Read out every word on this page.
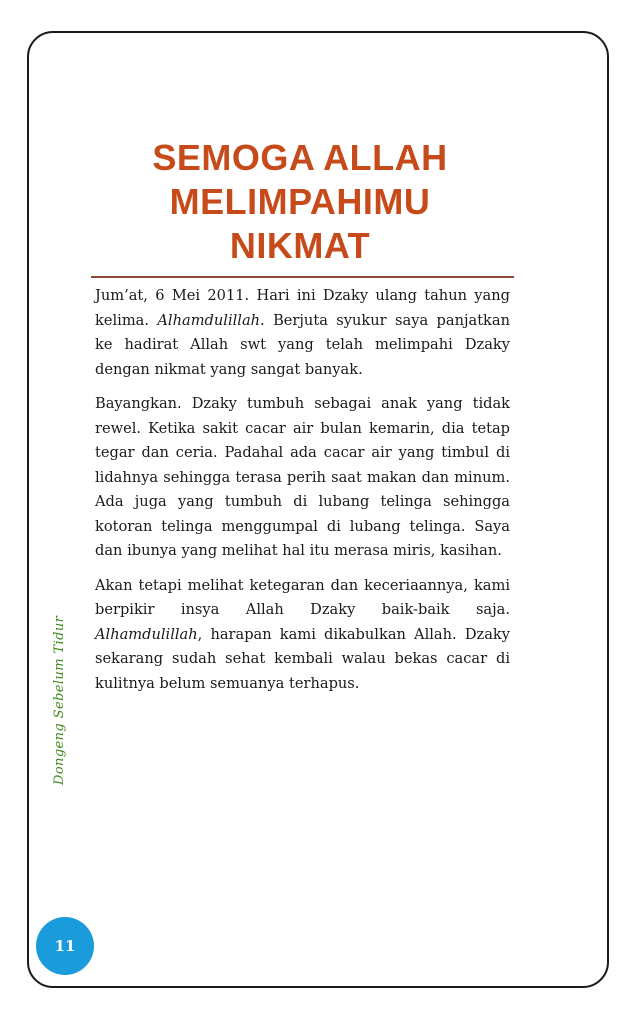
SEMOGA ALLAH
MELIMPAHIMU
NIKMAT

Jum’at, 6 Mei 2011. Hari ini Dzaky ulang tahun yang kelima. Alhamdulillah. Berjuta syukur saya panjatkan ke hadirat Allah swt yang telah melimpahi Dzaky dengan nikmat yang sangat banyak.

Bayangkan. Dzaky tumbuh sebagai anak yang tidak rewel. Ketika sakit cacar air bulan kemarin, dia tetap tegar dan ceria. Padahal ada cacar air yang timbul di lidahnya sehingga terasa perih saat makan dan minum. Ada juga yang tumbuh di lubang telinga sehingga kotoran telinga menggumpal di lubang telinga. Saya dan ibunya yang melihat hal itu merasa miris, kasihan.

Akan tetapi melihat ketegaran dan keceriaannya, kami berpikir insya Allah Dzaky baik-baik saja. Alhamdulillah, harapan kami dikabulkan Allah. Dzaky sekarang sudah sehat kembali walau bekas cacar di kulitnya belum semuanya terhapus.

Dongeng Sebelum Tidur
11
